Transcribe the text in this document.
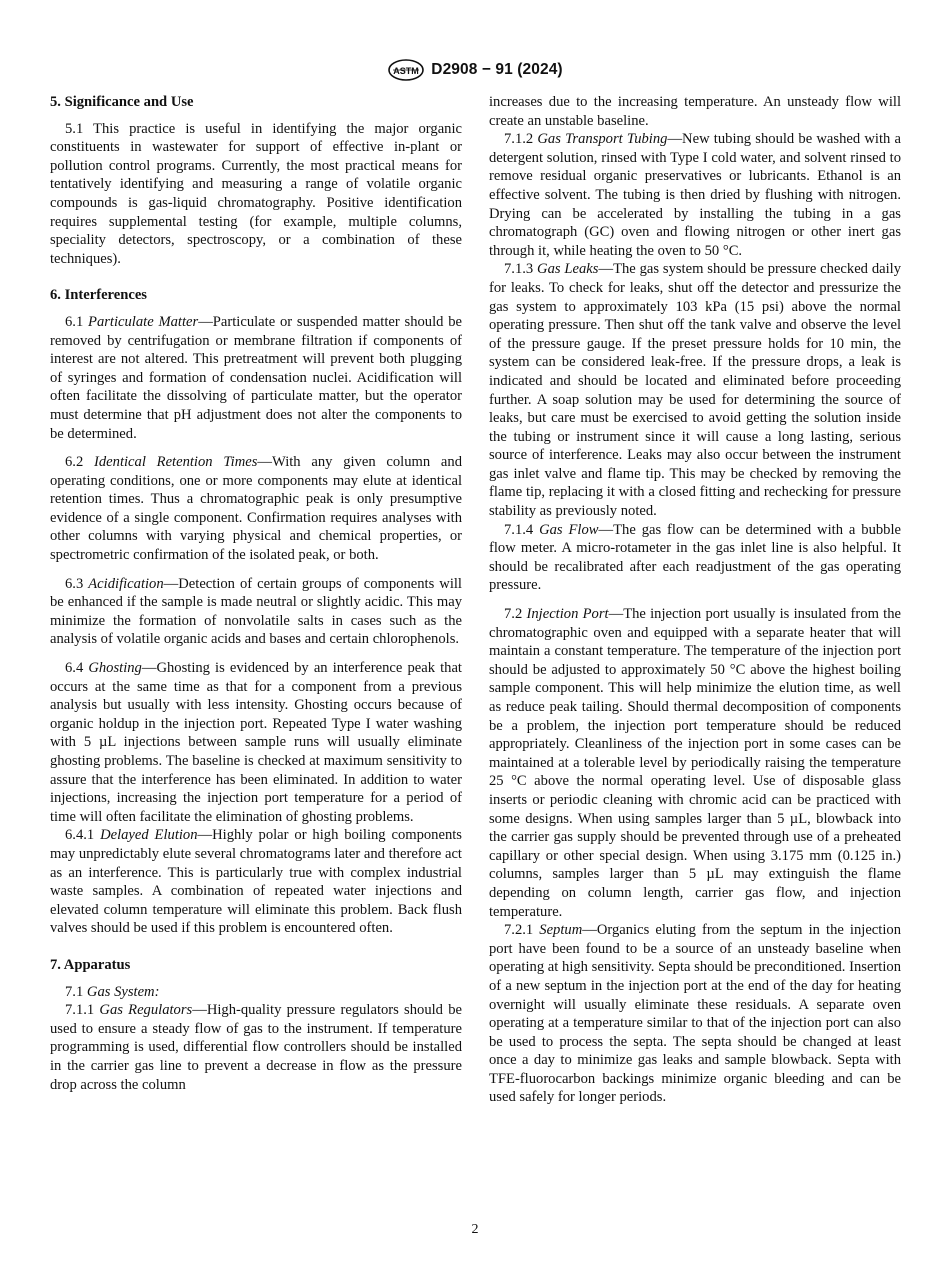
ASTM D2908 − 91 (2024)
5. Significance and Use

5.1 This practice is useful in identifying the major organic constituents in wastewater for support of effective in-plant or pollution control programs. Currently, the most practical means for tentatively identifying and measuring a range of volatile organic compounds is gas-liquid chromatography. Positive identification requires supplemental testing (for example, multiple columns, speciality detectors, spectroscopy, or a combination of these techniques).

6. Interferences

6.1 Particulate Matter—Particulate or suspended matter should be removed by centrifugation or membrane filtration if components of interest are not altered. This pretreatment will prevent both plugging of syringes and formation of condensation nuclei. Acidification will often facilitate the dissolving of particulate matter, but the operator must determine that pH adjustment does not alter the components to be determined.

6.2 Identical Retention Times—With any given column and operating conditions, one or more components may elute at identical retention times. Thus a chromatographic peak is only presumptive evidence of a single component. Confirmation requires analyses with other columns with varying physical and chemical properties, or spectrometric confirmation of the isolated peak, or both.

6.3 Acidification—Detection of certain groups of components will be enhanced if the sample is made neutral or slightly acidic. This may minimize the formation of nonvolatile salts in cases such as the analysis of volatile organic acids and bases and certain chlorophenols.

6.4 Ghosting—Ghosting is evidenced by an interference peak that occurs at the same time as that for a component from a previous analysis but usually with less intensity. Ghosting occurs because of organic holdup in the injection port. Repeated Type I water washing with 5 µL injections between sample runs will usually eliminate ghosting problems. The baseline is checked at maximum sensitivity to assure that the interference has been eliminated. In addition to water injections, increasing the injection port temperature for a period of time will often facilitate the elimination of ghosting problems.

6.4.1 Delayed Elution—Highly polar or high boiling components may unpredictably elute several chromatograms later and therefore act as an interference. This is particularly true with complex industrial waste samples. A combination of repeated water injections and elevated column temperature will eliminate this problem. Back flush valves should be used if this problem is encountered often.

7. Apparatus

7.1 Gas System:

7.1.1 Gas Regulators—High-quality pressure regulators should be used to ensure a steady flow of gas to the instrument. If temperature programming is used, differential flow controllers should be installed in the carrier gas line to prevent a decrease in flow as the pressure drop across the column

increases due to the increasing temperature. An unsteady flow will create an unstable baseline.

7.1.2 Gas Transport Tubing—New tubing should be washed with a detergent solution, rinsed with Type I cold water, and solvent rinsed to remove residual organic preservatives or lubricants. Ethanol is an effective solvent. The tubing is then dried by flushing with nitrogen. Drying can be accelerated by installing the tubing in a gas chromatograph (GC) oven and flowing nitrogen or other inert gas through it, while heating the oven to 50 °C.

7.1.3 Gas Leaks—The gas system should be pressure checked daily for leaks. To check for leaks, shut off the detector and pressurize the gas system to approximately 103 kPa (15 psi) above the normal operating pressure. Then shut off the tank valve and observe the level of the pressure gauge. If the preset pressure holds for 10 min, the system can be considered leak-free. If the pressure drops, a leak is indicated and should be located and eliminated before proceeding further. A soap solution may be used for determining the source of leaks, but care must be exercised to avoid getting the solution inside the tubing or instrument since it will cause a long lasting, serious source of interference. Leaks may also occur between the instrument gas inlet valve and flame tip. This may be checked by removing the flame tip, replacing it with a closed fitting and rechecking for pressure stability as previously noted.

7.1.4 Gas Flow—The gas flow can be determined with a bubble flow meter. A micro-rotameter in the gas inlet line is also helpful. It should be recalibrated after each readjustment of the gas operating pressure.

7.2 Injection Port—The injection port usually is insulated from the chromatographic oven and equipped with a separate heater that will maintain a constant temperature. The temperature of the injection port should be adjusted to approximately 50 °C above the highest boiling sample component. This will help minimize the elution time, as well as reduce peak tailing. Should thermal decomposition of components be a problem, the injection port temperature should be reduced appropriately. Cleanliness of the injection port in some cases can be maintained at a tolerable level by periodically raising the temperature 25 °C above the normal operating level. Use of disposable glass inserts or periodic cleaning with chromic acid can be practiced with some designs. When using samples larger than 5 µL, blowback into the carrier gas supply should be prevented through use of a preheated capillary or other special design. When using 3.175 mm (0.125 in.) columns, samples larger than 5 µL may extinguish the flame depending on column length, carrier gas flow, and injection temperature.

7.2.1 Septum—Organics eluting from the septum in the injection port have been found to be a source of an unsteady baseline when operating at high sensitivity. Septa should be preconditioned. Insertion of a new septum in the injection port at the end of the day for heating overnight will usually eliminate these residuals. A separate oven operating at a temperature similar to that of the injection port can also be used to process the septa. The septa should be changed at least once a day to minimize gas leaks and sample blowback. Septa with TFE-fluorocarbon backings minimize organic bleeding and can be used safely for longer periods.

2
